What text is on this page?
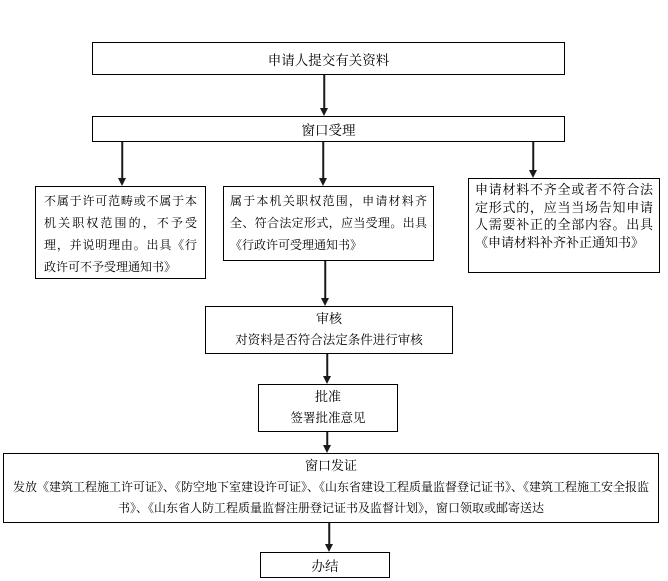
申请人提交有关资料
窗口受理
不属于许可范畴或不属于本机关职权范围的，不予受理，并说明理由。出具《行政许可不予受理通知书》
属于本机关职权范围，申请材料齐全、符合法定形式，应当受理。出具《行政许可受理通知书》
申请材料不齐全或者不符合法定形式的，应当当场告知申请人需要补正的全部内容。出具《申请材料补齐补正通知书》
审核
对资料是否符合法定条件进行审核
批准
签署批准意见
窗口发证
发放《建筑工程施工许可证》、《防空地下室建设许可证》、《山东省建设工程质量监督登记证书》、《建筑工程施工安全报监书》、《山东省人防工程质量监督注册登记证书及监督计划》，窗口领取或邮寄送达
办结
